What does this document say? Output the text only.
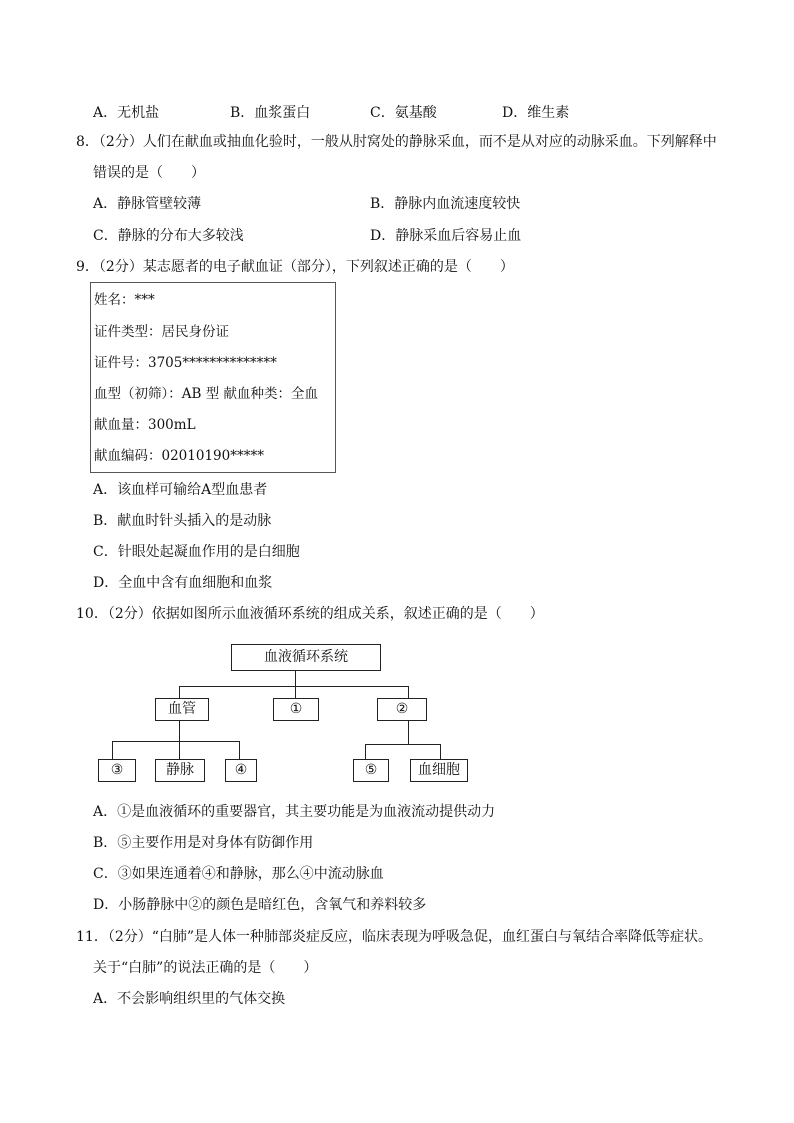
A．无机盐	B．血浆蛋白	C．氨基酸	D．维生素
8．（2分）人们在献血或抽血化验时，一般从肘窝处的静脉采血，而不是从对应的动脉采血。下列解释中
错误的是（　　）
A．静脉管壁较薄	B．静脉内血流速度较快
C．静脉的分布大多较浅	D．静脉采血后容易止血
9．（2分）某志愿者的电子献血证（部分），下列叙述正确的是（　　）
姓名：***
证件类型：居民身份证
证件号：3705**************
血型（初筛）：AB 型 献血种类：全血
献血量：300mL
献血编码：02010190*****
A．该血样可输给A型血患者
B．献血时针头插入的是动脉
C．针眼处起凝血作用的是白细胞
D．全血中含有血细胞和血浆
10．（2分）依据如图所示血液循环系统的组成关系，叙述正确的是（　　）
血液循环系统
血管	①	②
③	静脉	④	⑤	血细胞
A．①是血液循环的重要器官，其主要功能是为血液流动提供动力
B．⑤主要作用是对身体有防御作用
C．③如果连通着④和静脉，那么④中流动脉血
D．小肠静脉中②的颜色是暗红色，含氧气和养料较多
11．（2分）“白肺”是人体一种肺部炎症反应，临床表现为呼吸急促，血红蛋白与氧结合率降低等症状。
关于“白肺”的说法正确的是（　　）
A．不会影响组织里的气体交换
